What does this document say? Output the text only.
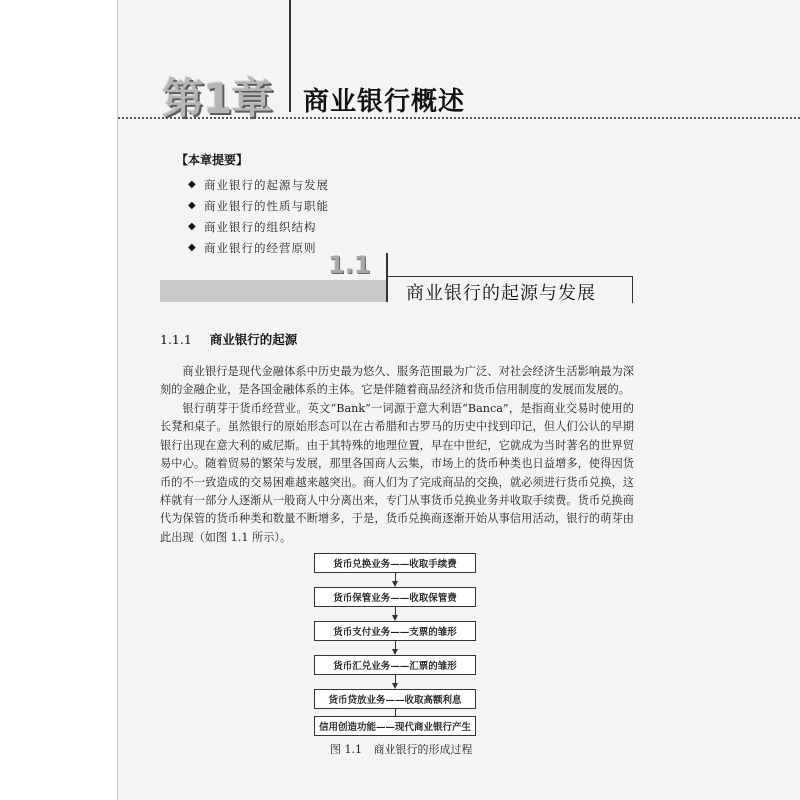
第1章 商业银行概述
【本章提要】
◆ 商业银行的起源与发展
◆ 商业银行的性质与职能
◆ 商业银行的组织结构
◆ 商业银行的经营原则
1.1
商业银行的起源与发展
1.1.1 商业银行的起源

商业银行是现代金融体系中历史最为悠久、服务范围最为广泛、对社会经济生活影响最为深刻的金融企业，是各国金融体系的主体。它是伴随着商品经济和货币信用制度的发展而发展的。

银行萌芽于货币经营业。英文“Bank”一词源于意大利语“Banca”，是指商业交易时使用的长凳和桌子。虽然银行的原始形态可以在古希腊和古罗马的历史中找到印记，但人们公认的早期银行出现在意大利的威尼斯。由于其特殊的地理位置，早在中世纪，它就成为当时著名的世界贸易中心。随着贸易的繁荣与发展，那里各国商人云集，市场上的货币种类也日益增多，使得因货币的不一致造成的交易困难越来越突出。商人们为了完成商品的交换，就必须进行货币兑换，这样就有一部分人逐渐从一般商人中分离出来，专门从事货币兑换业务并收取手续费。货币兑换商代为保管的货币种类和数量不断增多，于是，货币兑换商逐渐开始从事信用活动，银行的萌芽由此出现（如图 1.1 所示）。

货币兑换业务——收取手续费
货币保管业务——收取保管费
货币支付业务——支票的雏形
货币汇兑业务——汇票的雏形
货币贷放业务——收取高额利息
信用创造功能——现代商业银行产生
图 1.1 商业银行的形成过程
